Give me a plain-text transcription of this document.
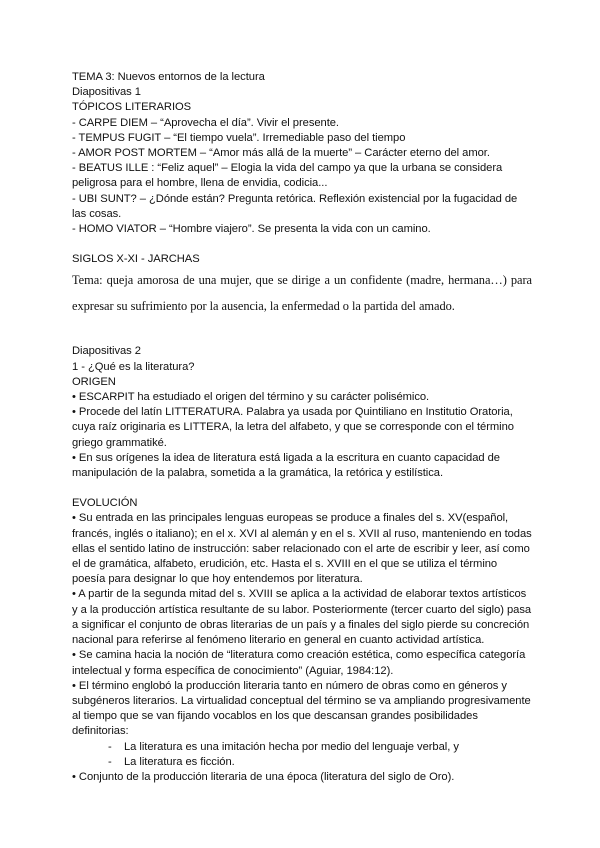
TEMA 3: Nuevos entornos de la lectura

Diapositivas 1

TÓPICOS LITERARIOS

- CARPE DIEM – “Aprovecha el día”. Vivir el presente.

- TEMPUS FUGIT – “El tiempo vuela”. Irremediable paso del tiempo

- AMOR POST MORTEM – “Amor más allá de la muerte” – Carácter eterno del amor.

- BEATUS ILLE : “Feliz aquel” – Elogia la vida del campo ya que la urbana se considera peligrosa para el hombre, llena de envidia, codicia...

- UBI SUNT? – ¿Dónde están? Pregunta retórica. Reflexión existencial por la fugacidad de las cosas.

- HOMO VIATOR – “Hombre viajero”. Se presenta la vida con un camino.

SIGLOS X-XI - JARCHAS

Tema: queja amorosa de una mujer, que se dirige a un confidente (madre, hermana…) para expresar su sufrimiento por la ausencia, la enfermedad o la partida del amado.

Diapositivas 2

1 - ¿Qué es la literatura?

ORIGEN

• ESCARPIT ha estudiado el origen del término y su carácter polisémico.

• Procede del latín LITTERATURA. Palabra ya usada por Quintiliano en Institutio Oratoria, cuya raíz originaria es LITTERA, la letra del alfabeto, y que se corresponde con el término griego grammatiké.

• En sus orígenes la idea de literatura está ligada a la escritura en cuanto capacidad de manipulación de la palabra, sometida a la gramática, la retórica y estilística.

EVOLUCIÓN

• Su entrada en las principales lenguas europeas se produce a finales del s. XV(español, francés, inglés o italiano); en el x. XVI al alemán y en el s. XVII al ruso, manteniendo en todas ellas el sentido latino de instrucción: saber relacionado con el arte de escribir y leer, así como el de gramática, alfabeto, erudición, etc. Hasta el s. XVIII en el que se utiliza el término poesía para designar lo que hoy entendemos por literatura.

• A partir de la segunda mitad del s. XVIII se aplica a la actividad de elaborar textos artísticos y a la producción artística resultante de su labor. Posteriormente (tercer cuarto del siglo) pasa a significar el conjunto de obras literarias de un país y a finales del siglo pierde su concreción nacional para referirse al fenómeno literario en general en cuanto actividad artística.

• Se camina hacia la noción de “literatura como creación estética, como específica categoría intelectual y forma específica de conocimiento” (Aguiar, 1984:12).

• El término englobó la producción literaria tanto en número de obras como en géneros y subgéneros literarios. La virtualidad conceptual del término se va ampliando progresivamente al tiempo que se van fijando vocablos en los que descansan grandes posibilidades definitorias:

- La literatura es una imitación hecha por medio del lenguaje verbal, y

- La literatura es ficción.

• Conjunto de la producción literaria de una época (literatura del siglo de Oro).
